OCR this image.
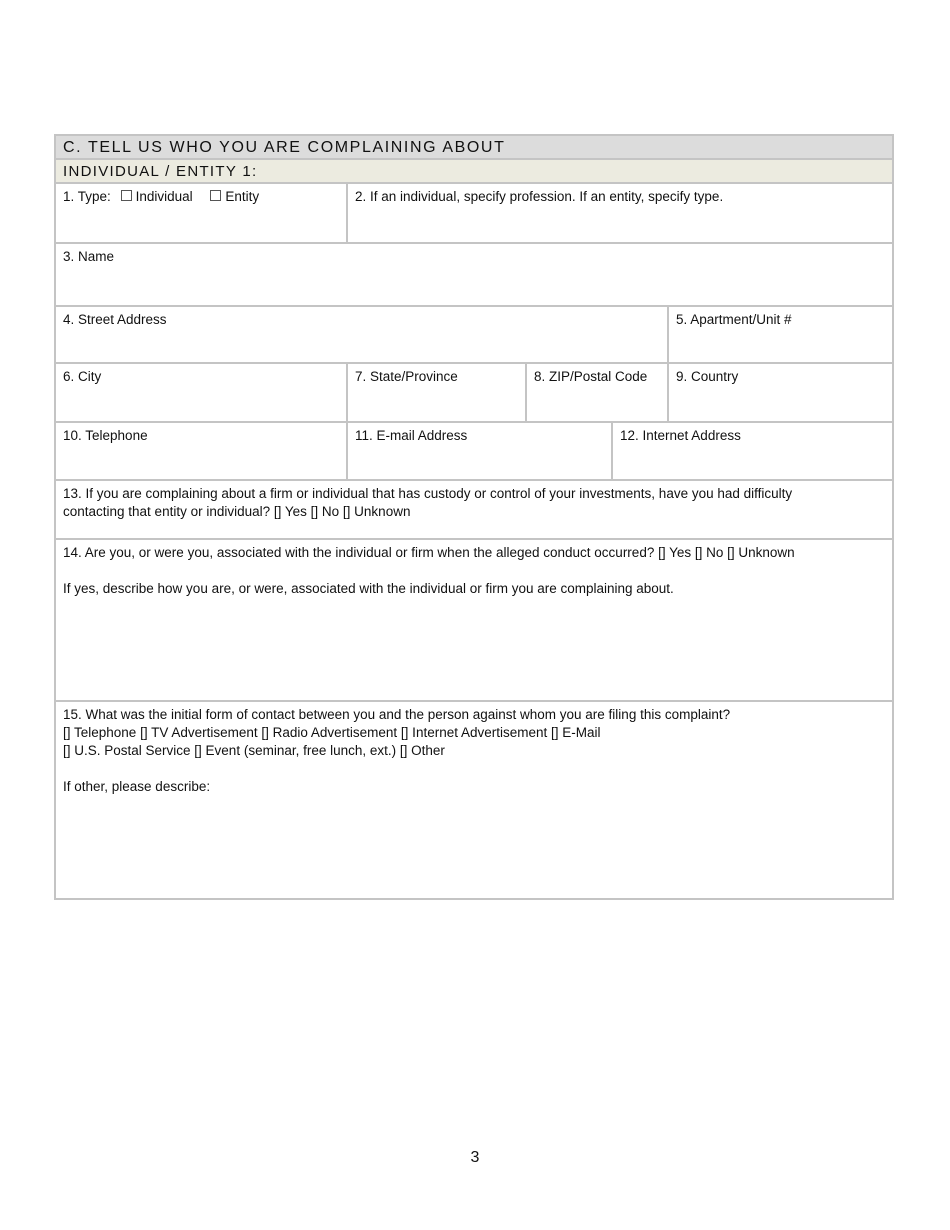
C. TELL US WHO YOU ARE COMPLAINING ABOUT
INDIVIDUAL / ENTITY 1:
1. Type: Individual Entity	2. If an individual, specify profession. If an entity, specify type.
3. Name
4. Street Address	5. Apartment/Unit #
6. City	7. State/Province	8. ZIP/Postal Code	9. Country
10. Telephone	11. E-mail Address	12. Internet Address
13. If you are complaining about a firm or individual that has custody or control of your investments, have you had difficulty
contacting that entity or individual? [] Yes [] No [] Unknown
14. Are you, or were you, associated with the individual or firm when the alleged conduct occurred? [] Yes [] No [] Unknown
If yes, describe how you are, or were, associated with the individual or firm you are complaining about.
15. What was the initial form of contact between you and the person against whom you are filing this complaint?
[] Telephone [] TV Advertisement [] Radio Advertisement [] Internet Advertisement [] E-Mail
[] U.S. Postal Service [] Event (seminar, free lunch, ext.) [] Other
If other, please describe:
3
